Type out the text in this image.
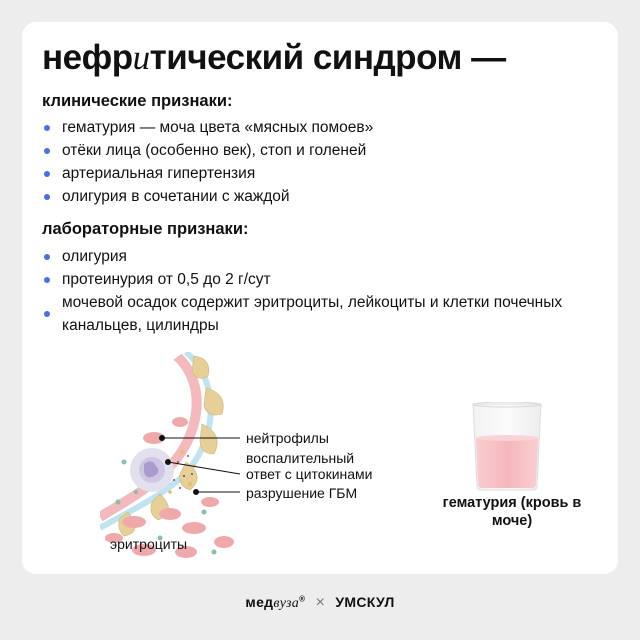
нефритический синдром —
клинические признаки:
гематурия — моча цвета «мясных помоев»
отёки лица (особенно век), стоп и голеней
артериальная гипертензия
олигурия в сочетании с жаждой
лабораторные признаки:
олигурия
протеинурия от 0,5 до 2 г/сут
мочевой осадок содержит эритроциты, лейкоциты и клетки почечных канальцев, цилиндры
нейтрофилы
воспалительный ответ с цитокинами
разрушение ГБМ
эритроциты
гематурия (кровь в моче)
медвуза® × УМСКУЛ
